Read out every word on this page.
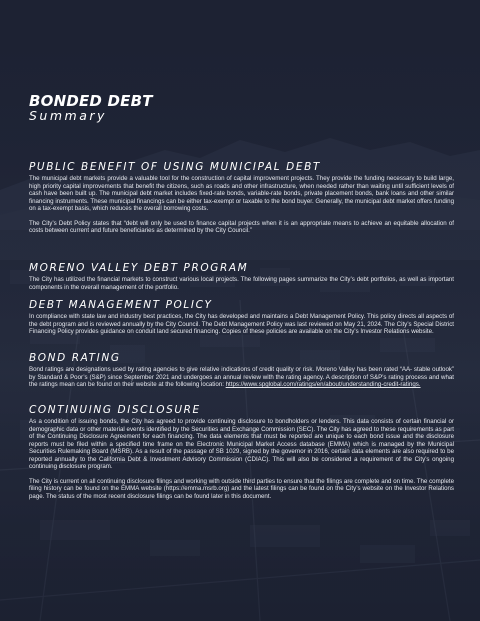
BONDED DEBT
Summary
PUBLIC BENEFIT OF USING MUNICIPAL DEBT

The municipal debt markets provide a valuable tool for the construction of capital improvement projects. They provide the funding necessary to build large, high priority capital improvements that benefit the citizens, such as roads and other infrastructure, when needed rather than waiting until sufficient levels of cash have been built up. The municipal debt market includes fixed-rate bonds, variable-rate bonds, private placement bonds, bank loans and other similar financing instruments. These municipal financings can be either tax-exempt or taxable to the bond buyer. Generally, the municipal debt market offers funding on a tax-exempt basis, which reduces the overall borrowing costs.

The City’s Debt Policy states that “debt will only be used to finance capital projects when it is an appropriate means to achieve an equitable allocation of costs between current and future beneficiaries as determined by the City Council.”

MORENO VALLEY DEBT PROGRAM

The City has utilized the financial markets to construct various local projects. The following pages summarize the City’s debt portfolios, as well as important components in the overall management of the portfolio.

DEBT MANAGEMENT POLICY

In compliance with state law and industry best practices, the City has developed and maintains a Debt Management Policy. This policy directs all aspects of the debt program and is reviewed annually by the City Council. The Debt Management Policy was last reviewed on May 21, 2024. The City’s Special District Financing Policy provides guidance on conduit land secured financing. Copies of these policies are available on the City’s Investor Relations website.

BOND RATING

Bond ratings are designations used by rating agencies to give relative indications of credit quality or risk. Moreno Valley has been rated “AA- stable outlook” by Standard & Poor’s (S&P) since September 2021 and undergoes an annual review with the rating agency. A description of S&P’s rating process and what the ratings mean can be found on their website at the following location: https://www.spglobal.com/ratings/en/about/understanding-credit-ratings.

CONTINUING DISCLOSURE

As a condition of issuing bonds, the City has agreed to provide continuing disclosure to bondholders or lenders. This data consists of certain financial or demographic data or other material events identified by the Securities and Exchange Commission (SEC). The City has agreed to these requirements as part of the Continuing Disclosure Agreement for each financing. The data elements that must be reported are unique to each bond issue and the disclosure reports must be filed within a specified time frame on the Electronic Municipal Market Access database (EMMA) which is managed by the Municipal Securities Rulemaking Board (MSRB). As a result of the passage of SB 1029, signed by the governor in 2016, certain data elements are also required to be reported annually to the California Debt & Investment Advisory Commission (CDIAC). This will also be considered a requirement of the City’s ongoing continuing disclosure program.

The City is current on all continuing disclosure filings and working with outside third parties to ensure that the filings are complete and on time. The complete filing history can be found on the EMMA website (https://emma.msrb.org) and the latest filings can be found on the City’s website on the Investor Relations page. The status of the most recent disclosure filings can be found later in this document.
